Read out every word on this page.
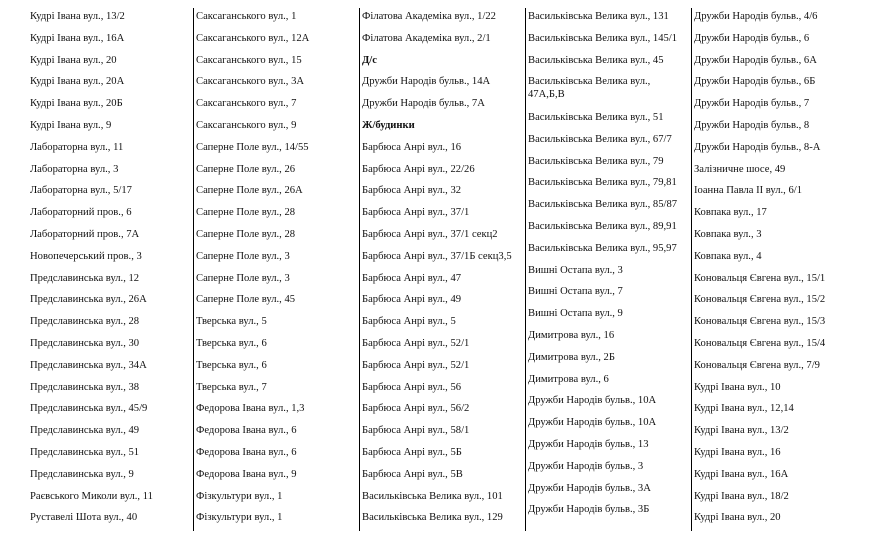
Кудрі Івана вул., 13/2
Кудрі Івана вул., 16А
Кудрі Івана вул., 20
Кудрі Івана вул., 20А
Кудрі Івана вул., 20Б
Кудрі Івана вул., 9
Лабораторна вул., 11
Лабораторна вул., 3
Лабораторна вул., 5/17
Лабораторний пров., 6
Лабораторний пров., 7А
Новопечерський пров., 3
Предславинська вул., 12
Предславинська вул., 26А
Предславинська вул., 28
Предславинська вул., 30
Предславинська вул., 34А
Предславинська вул., 38
Предславинська вул., 45/9
Предславинська вул., 49
Предславинська вул., 51
Предславинська вул., 9
Раєвського Миколи вул., 11
Руставелі Шота вул., 40
Саксаганського вул., 1
Саксаганського вул., 12А
Саксаганського вул., 15
Саксаганського вул., 3А
Саксаганського вул., 7
Саксаганського вул., 9
Саперне Поле вул., 14/55
Саперне Поле вул., 26
Саперне Поле вул., 26А
Саперне Поле вул., 28
Саперне Поле вул., 28
Саперне Поле вул., 3
Саперне Поле вул., 3
Саперне Поле вул., 45
Тверська вул., 5
Тверська вул., 6
Тверська вул., 6
Тверська вул., 7
Федорова Івана вул., 1,3
Федорова Івана вул., 6
Федорова Івана вул., 6
Федорова Івана вул., 9
Фізкультури вул., 1
Фізкультури вул., 1
Філатова Академіка вул., 1/22
Філатова Академіка вул., 2/1
Д/с
Дружби Народів бульв., 14А
Дружби Народів бульв., 7А
Ж/будинки
Барбюса Анрі вул., 16
Барбюса Анрі вул., 22/26
Барбюса Анрі вул., 32
Барбюса Анрі вул., 37/1
Барбюса Анрі вул., 37/1 секц2
Барбюса Анрі вул., 37/1Б секц3,5
Барбюса Анрі вул., 47
Барбюса Анрі вул., 49
Барбюса Анрі вул., 5
Барбюса Анрі вул., 52/1
Барбюса Анрі вул., 52/1
Барбюса Анрі вул., 56
Барбюса Анрі вул., 56/2
Барбюса Анрі вул., 58/1
Барбюса Анрі вул., 5Б
Барбюса Анрі вул., 5В
Васильківська Велика вул., 101
Васильківська Велика вул., 129
Васильківська Велика вул., 131
Васильківська Велика вул., 145/1
Васильківська Велика вул., 45
Васильківська Велика вул., 47А,Б,В
Васильківська Велика вул., 51
Васильківська Велика вул., 67/7
Васильківська Велика вул., 79
Васильківська Велика вул., 79,81
Васильківська Велика вул., 85/87
Васильківська Велика вул., 89,91
Васильківська Велика вул., 95,97
Вишні Остапа вул., 3
Вишні Остапа вул., 7
Вишні Остапа вул., 9
Димитрова вул., 16
Димитрова вул., 2Б
Димитрова вул., 6
Дружби Народів бульв., 10А
Дружби Народів бульв., 10А
Дружби Народів бульв., 13
Дружби Народів бульв., 3
Дружби Народів бульв., 3А
Дружби Народів бульв., 3Б
Дружби Народів бульв., 4/6
Дружби Народів бульв., 6
Дружби Народів бульв., 6А
Дружби Народів бульв., 6Б
Дружби Народів бульв., 7
Дружби Народів бульв., 8
Дружби Народів бульв., 8-А
Залізничне шосе, 49
Іоанна Павла ІІ вул., 6/1
Ковпака вул., 17
Ковпака вул., 3
Ковпака вул., 4
Коновальця Євгена вул., 15/1
Коновальця Євгена вул., 15/2
Коновальця Євгена вул., 15/3
Коновальця Євгена вул., 15/4
Коновальця Євгена вул., 7/9
Кудрі Івана вул., 10
Кудрі Івана вул., 12,14
Кудрі Івана вул., 13/2
Кудрі Івана вул., 16
Кудрі Івана вул., 16А
Кудрі Івана вул., 18/2
Кудрі Івана вул., 20
